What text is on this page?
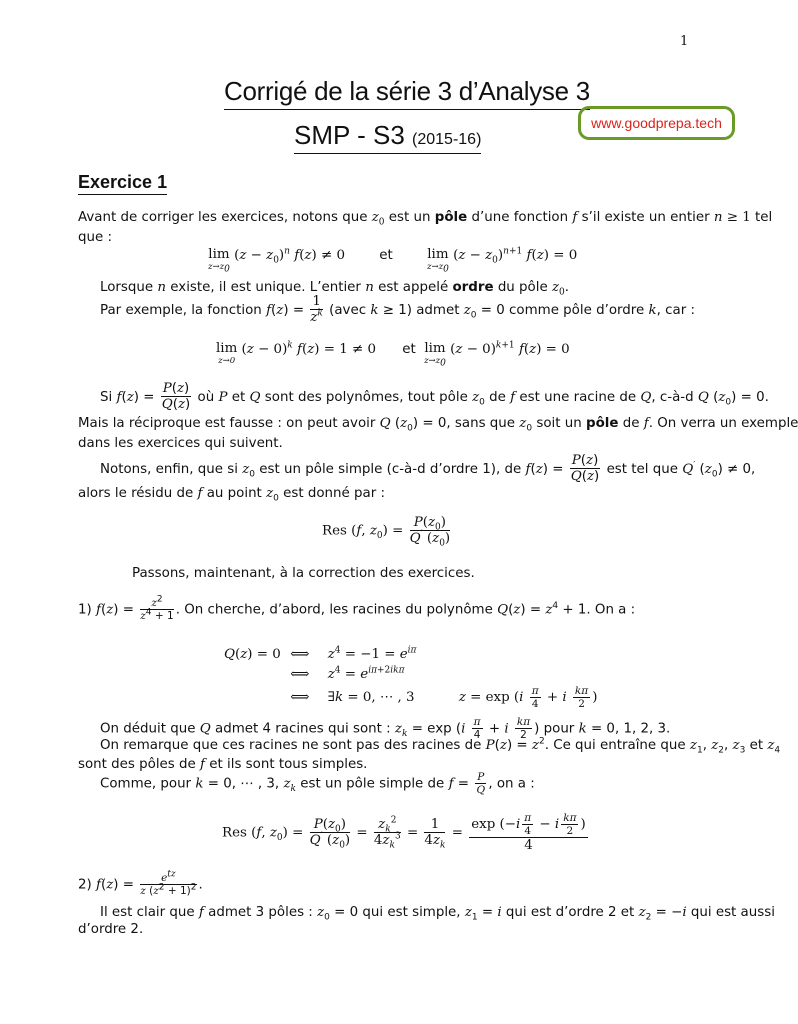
1
Corrigé de la série 3 d’Analyse 3
SMP - S3 (2015-16)
www.goodprepa.tech
Exercice 1

Avant de corriger les exercices, notons que $z_0$ est un pôle d’une fonction f s’il existe un entier n ≥ 1 tel

que :

lim
$z\to z_0$
$(z - z_0)^n$ f(z) ≠ 0 et	lim
$z\to z_0$
$(z - z_0)^{n+1}$ f(z) = 0

Lorsque n existe, il est unique. L’entier n est appelé ordre du pôle $z_0$.

Par exemple, la fonction $f(z) = \frac{1}{z^k}$ (avec k ≥ 1) admet $z_0 = 0$ comme pôle d’ordre k, car :

lim
z→0
$(z - 0)^k$ f(z) = 1 ≠ 0 et lim
$z\to z_0$
$(z - 0)^{k+1}$ f(z) = 0

Si $f(z) = \frac{P(z)}{Q(z)}$ où P et Q sont des polynômes, tout pôle $z_0$ de f est une racine de Q, c-à-d Q $(z_0) = 0$.

Mais la réciproque est fausse : on peut avoir Q $(z_0) = 0$, sans que $z_0$ soit un pôle de f. On verra un exemple

dans les exercices qui suivent.

Notons, enfin, que si $z_0$ est un pôle simple (c-à-d d’ordre 1), de $f(z) = \frac{P(z)}{Q(z)}$ est tel que Q′ $(z_0) \ne 0$,

alors le résidu de f au point $z_0$ est donné par :

Res (f, $z_0) = \frac{P(z_0)}{Q' (z_0)}$

Passons, maintenant, à la correction des exercices.

1) $f(z) = \frac{z^2}{z^4 + 1}$ . On cherche, d’abord, les racines du polynôme $Q(z) = z^4 + 1$. On a :

Q(z) = 0 ⟺ $z^4 = -1 = e^{i\pi}$
⟺ $z^4 = e^{i\pi+2ik\pi}$
⟺ ∃k = 0, ⋯ , 3	$z = \exp (i \frac{\pi}{4} + i \frac{k\pi}{2}$ )

On déduit que Q admet 4 racines qui sont : $z_k = \exp (i \frac{\pi}{4} + i \frac{k\pi}{2}$ ) pour k = 0, 1, 2, 3.

On remarque que ces racines ne sont pas des racines de $P(z) = z^2$. Ce qui entraîne que $z_1$, $z_2$, $z_3$ et $z_4$

sont des pôles de f et ils sont tous simples.

Comme, pour k = 0, ⋯ , 3, $z_k$ est un pôle simple de $f = \frac{P}{Q}$ , on a :

Res (f, $z_0) = \frac{P(z_0)}{Q' (z_0)} = \frac{z_k^2}{4z_k^3} = \frac{1}{4z_k} = \frac{\exp (-i \frac{\pi}{4} - i \frac{k\pi}{2} )}{4}$

2) $f(z) = \frac{e^{tz}}{z (z^2 + 1)^2}$ .

Il est clair que f admet 3 pôles : $z_0 = 0$ qui est simple, $z_1 = i$ qui est d’ordre 2 et $z_2 = -i$ qui est aussi

d’ordre 2.
